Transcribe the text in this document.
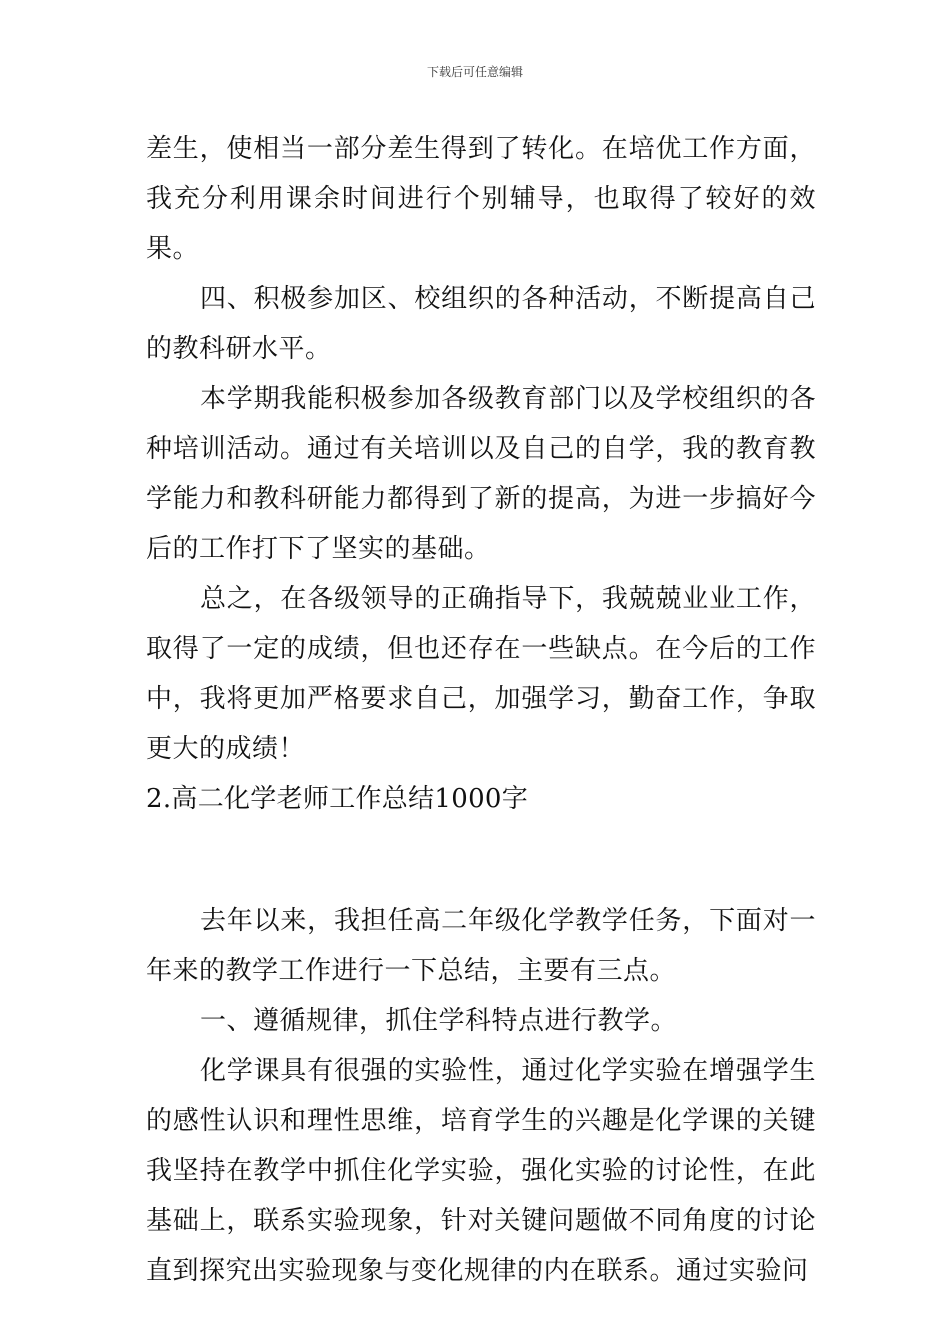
下载后可任意编辑

差生，使相当一部分差生得到了转化。在培优工作方面，我充分利用课余时间进行个别辅导，也取得了较好的效果。

四、积极参加区、校组织的各种活动，不断提高自己的教科研水平。

本学期我能积极参加各级教育部门以及学校组织的各种培训活动。通过有关培训以及自己的自学，我的教育教学能力和教科研能力都得到了新的提高，为进一步搞好今后的工作打下了坚实的基础。

总之，在各级领导的正确指导下，我兢兢业业工作，取得了一定的成绩，但也还存在一些缺点。在今后的工作中，我将更加严格要求自己，加强学习，勤奋工作，争取更大的成绩！

2.高二化学老师工作总结1000字

去年以来，我担任高二年级化学教学任务，下面对一年来的教学工作进行一下总结，主要有三点。

一、遵循规律，抓住学科特点进行教学。

化学课具有很强的实验性，通过化学实验在增强学生的感性认识和理性思维，培育学生的兴趣是化学课的关键我坚持在教学中抓住化学实验，强化实验的讨论性，在此基础上，联系实验现象，针对关键问题做不同角度的讨论直到探究出实验现象与变化规律的内在联系。通过实验问
